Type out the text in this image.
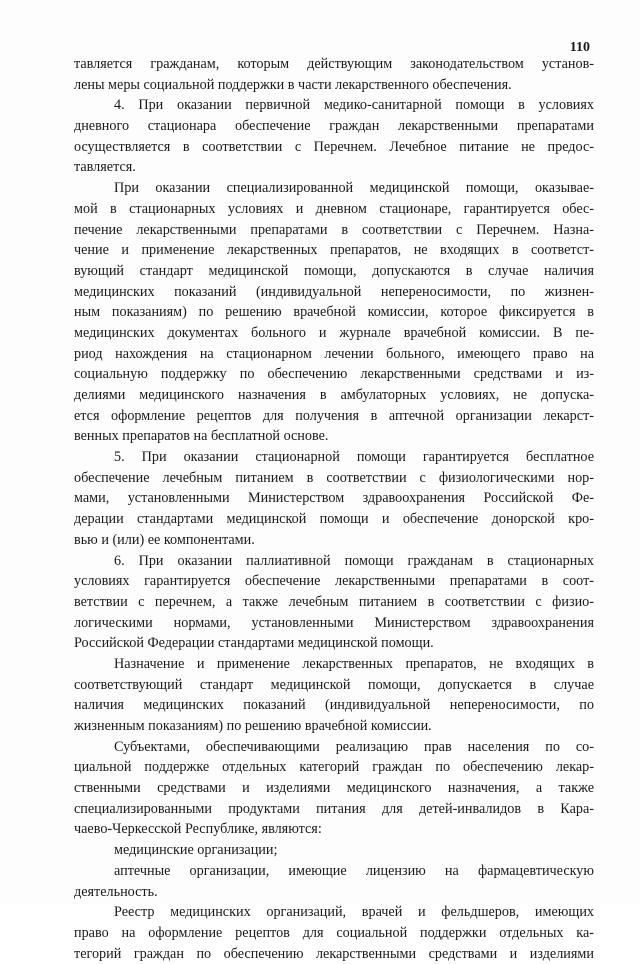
110
тавляется гражданам, которым действующим законодательством установ-
лены меры социальной поддержки в части лекарственного обеспечения.
4. При оказании первичной медико-санитарной помощи в условиях
дневного стационара обеспечение граждан лекарственными препаратами
осуществляется в соответствии с Перечнем. Лечебное питание не предос-
тавляется.
При оказании специализированной медицинской помощи, оказывае-
мой в стационарных условиях и дневном стационаре, гарантируется обес-
печение лекарственными препаратами в соответствии с Перечнем. Назна-
чение и применение лекарственных препаратов, не входящих в соответст-
вующий стандарт медицинской помощи, допускаются в случае наличия
медицинских показаний (индивидуальной непереносимости, по жизнен-
ным показаниям) по решению врачебной комиссии, которое фиксируется в
медицинских документах больного и журнале врачебной комиссии. В пе-
риод нахождения на стационарном лечении больного, имеющего право на
социальную поддержку по обеспечению лекарственными средствами и из-
делиями медицинского назначения в амбулаторных условиях, не допуска-
ется оформление рецептов для получения в аптечной организации лекарст-
венных препаратов на бесплатной основе.
5. При оказании стационарной помощи гарантируется бесплатное
обеспечение лечебным питанием в соответствии с физиологическими нор-
мами, установленными Министерством здравоохранения Российской Фе-
дерации стандартами медицинской помощи и обеспечение донорской кро-
вью и (или) ее компонентами.
6. При оказании паллиативной помощи гражданам в стационарных
условиях гарантируется обеспечение лекарственными препаратами в соот-
ветствии с перечнем, а также лечебным питанием в соответствии с физио-
логическими нормами, установленными Министерством здравоохранения
Российской Федерации стандартами медицинской помощи.
Назначение и применение лекарственных препаратов, не входящих в
соответствующий стандарт медицинской помощи, допускается в случае
наличия медицинских показаний (индивидуальной непереносимости, по
жизненным показаниям) по решению врачебной комиссии.
Субъектами, обеспечивающими реализацию прав населения по со-
циальной поддержке отдельных категорий граждан по обеспечению лекар-
ственными средствами и изделиями медицинского назначения, а также
специализированными продуктами питания для детей-инвалидов в Кара-
чаево-Черкесской Республике, являются:
медицинские организации;
аптечные организации, имеющие лицензию на фармацевтическую
деятельность.
Реестр медицинских организаций, врачей и фельдшеров, имеющих
право на оформление рецептов для социальной поддержки отдельных ка-
тегорий граждан по обеспечению лекарственными средствами и изделиями
